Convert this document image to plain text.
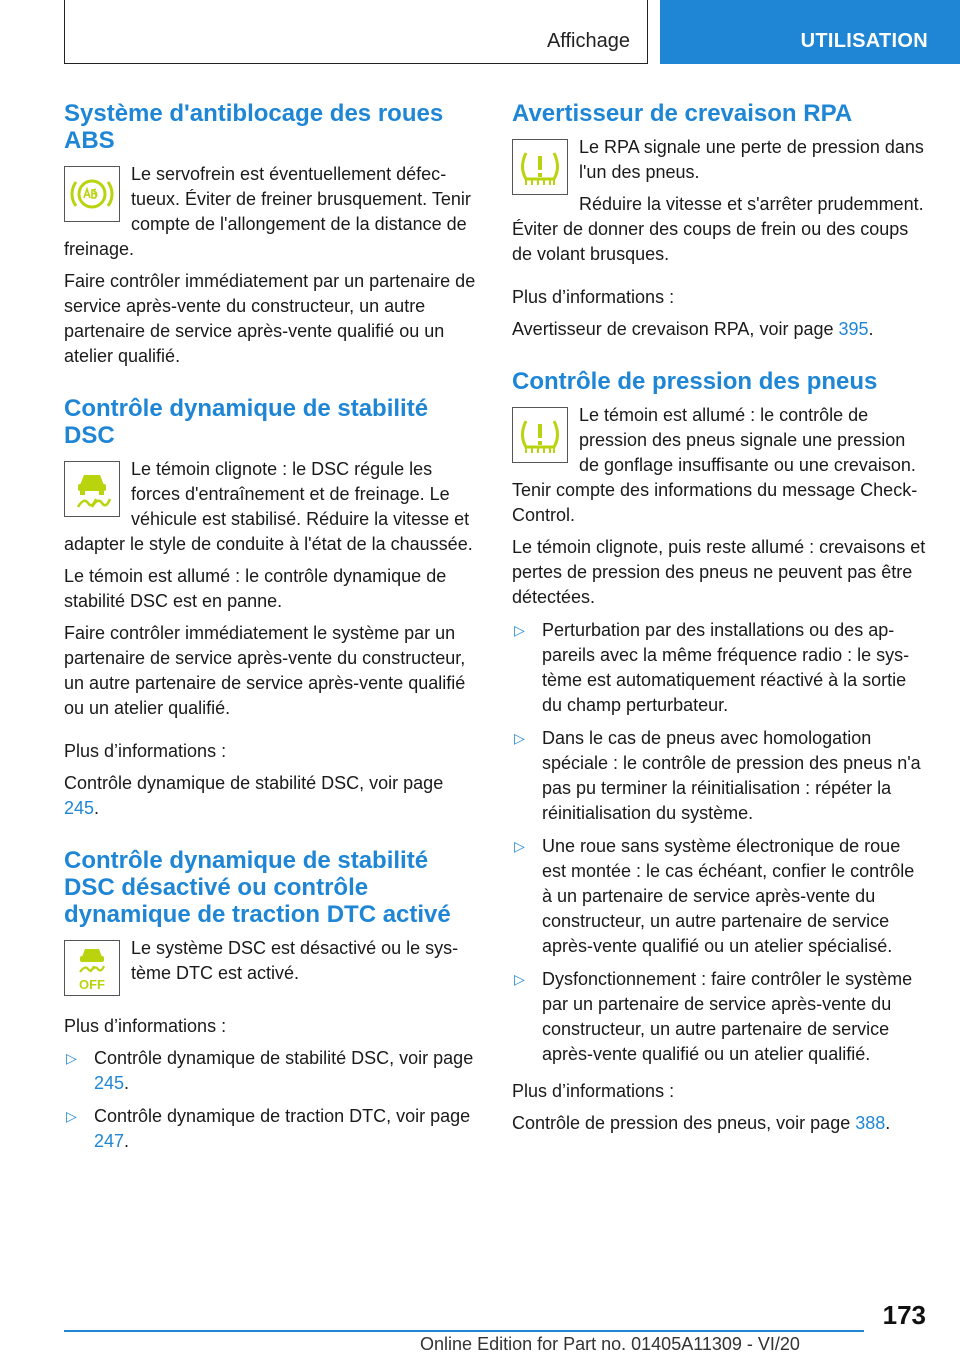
Affichage	UTILISATION
Système d'antiblocage des roues ABS

Le servofrein est éventuellement défectueux. Éviter de freiner brusquement. Tenir compte de l'allongement de la distance de freinage.

Faire contrôler immédiatement par un partenaire de service après-vente du constructeur, un autre partenaire de service après-vente qualifié ou un atelier qualifié.

Contrôle dynamique de stabilité DSC

Le témoin clignote : le DSC régule les forces d'entraînement et de freinage. Le véhicule est stabilisé. Réduire la vitesse et adapter le style de conduite à l'état de la chaussée.

Le témoin est allumé : le contrôle dynamique de stabilité DSC est en panne.

Faire contrôler immédiatement le système par un partenaire de service après-vente du constructeur, un autre partenaire de service après-vente qualifié ou un atelier qualifié.

Plus d’informations :

Contrôle dynamique de stabilité DSC, voir page 245.

Contrôle dynamique de stabilité DSC désactivé ou contrôle dynamique de traction DTC activé
OFF

Le système DSC est désactivé ou le système DTC est activé.

Plus d’informations :

▷ Contrôle dynamique de stabilité DSC, voir page 245.
▷ Contrôle dynamique de traction DTC, voir page 247.
Avertisseur de crevaison RPA

Le RPA signale une perte de pression dans l'un des pneus.

Réduire la vitesse et s'arrêter prudemment. Éviter de donner des coups de frein ou des coups de volant brusques.

Plus d’informations :

Avertisseur de crevaison RPA, voir page 395.

Contrôle de pression des pneus

Le témoin est allumé : le contrôle de pression des pneus signale une pression de gonflage insuffisante ou une crevaison. Tenir compte des informations du message Check-Control.

Le témoin clignote, puis reste allumé : crevaisons et pertes de pression des pneus ne peuvent pas être détectées.

▷ Perturbation par des installations ou des appareils avec la même fréquence radio : le système est automatiquement réactivé à la sortie du champ perturbateur.
▷ Dans le cas de pneus avec homologation spéciale : le contrôle de pression des pneus n'a pas pu terminer la réinitialisation : répéter la réinitialisation du système.
▷ Une roue sans système électronique de roue est montée : le cas échéant, confier le contrôle à un partenaire de service après-vente du constructeur, un autre partenaire de service après-vente qualifié ou un atelier spécialisé.
▷ Dysfonctionnement : faire contrôler le système par un partenaire de service après-vente du constructeur, un autre partenaire de service après-vente qualifié ou un atelier qualifié.

Plus d’informations :

Contrôle de pression des pneus, voir page 388.

173
Online Edition for Part no. 01405A11309 - VI/20
